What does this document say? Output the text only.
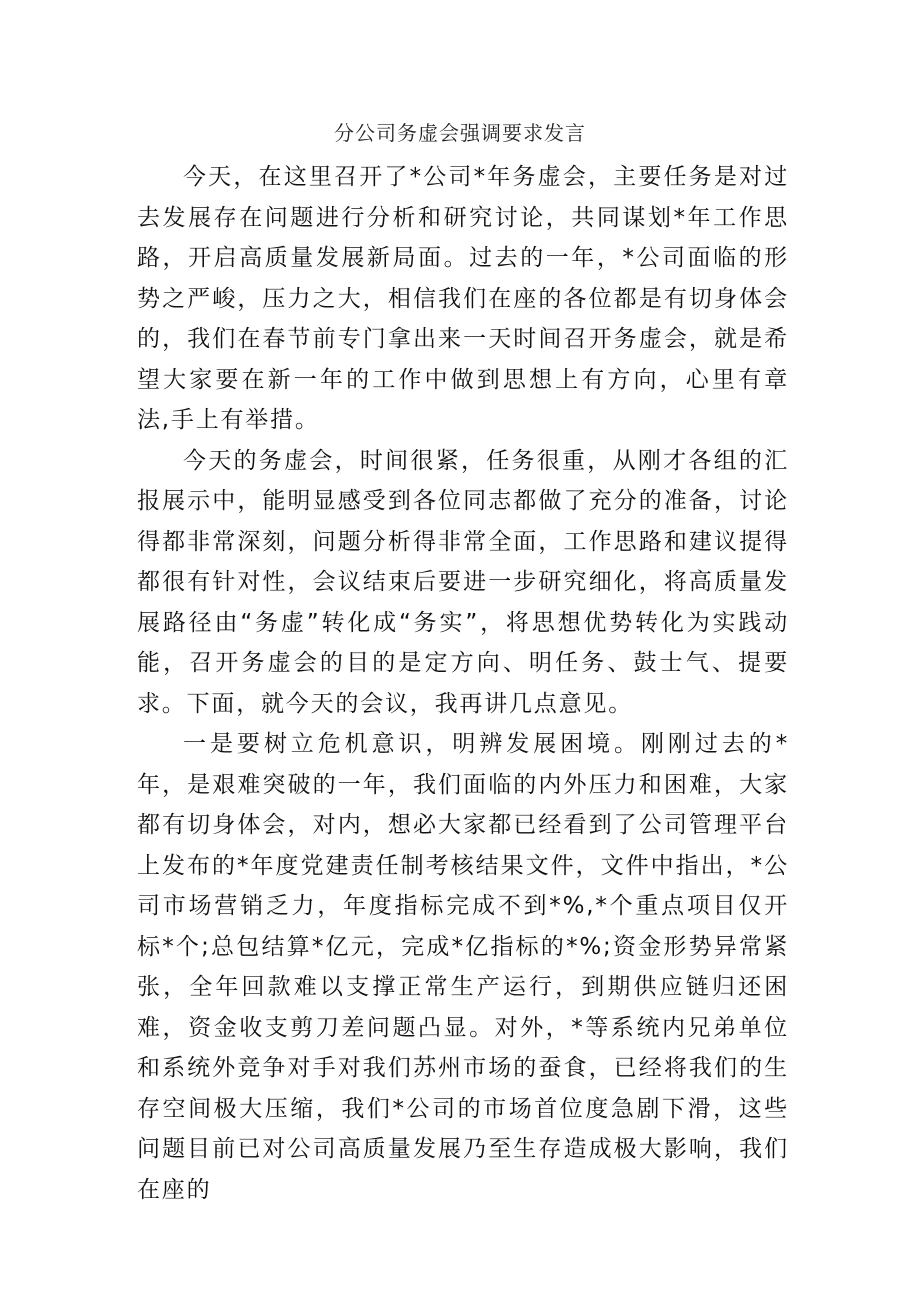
分公司务虚会强调要求发言

今天，在这里召开了*公司*年务虚会，主要任务是对过去发展存在问题进行分析和研究讨论，共同谋划*年工作思路，开启高质量发展新局面。过去的一年，*公司面临的形势之严峻，压力之大，相信我们在座的各位都是有切身体会的，我们在春节前专门拿出来一天时间召开务虚会，就是希望大家要在新一年的工作中做到思想上有方向，心里有章法,手上有举措。

今天的务虚会，时间很紧，任务很重，从刚才各组的汇报展示中，能明显感受到各位同志都做了充分的准备，讨论得都非常深刻，问题分析得非常全面，工作思路和建议提得都很有针对性，会议结束后要进一步研究细化，将高质量发展路径由“务虚”转化成“务实”，将思想优势转化为实践动能，召开务虚会的目的是定方向、明任务、鼓士气、提要求。下面，就今天的会议，我再讲几点意见。

一是要树立危机意识，明辨发展困境。刚刚过去的*年，是艰难突破的一年，我们面临的内外压力和困难，大家都有切身体会，对内，想必大家都已经看到了公司管理平台上发布的*年度党建责任制考核结果文件，文件中指出，*公司市场营销乏力，年度指标完成不到*%,*个重点项目仅开标*个;总包结算*亿元，完成*亿指标的*%;资金形势异常紧张，全年回款难以支撑正常生产运行，到期供应链归还困难，资金收支剪刀差问题凸显。对外，*等系统内兄弟单位和系统外竞争对手对我们苏州市场的蚕食，已经将我们的生存空间极大压缩，我们*公司的市场首位度急剧下滑，这些问题目前已对公司高质量发展乃至生存造成极大影响，我们在座的
